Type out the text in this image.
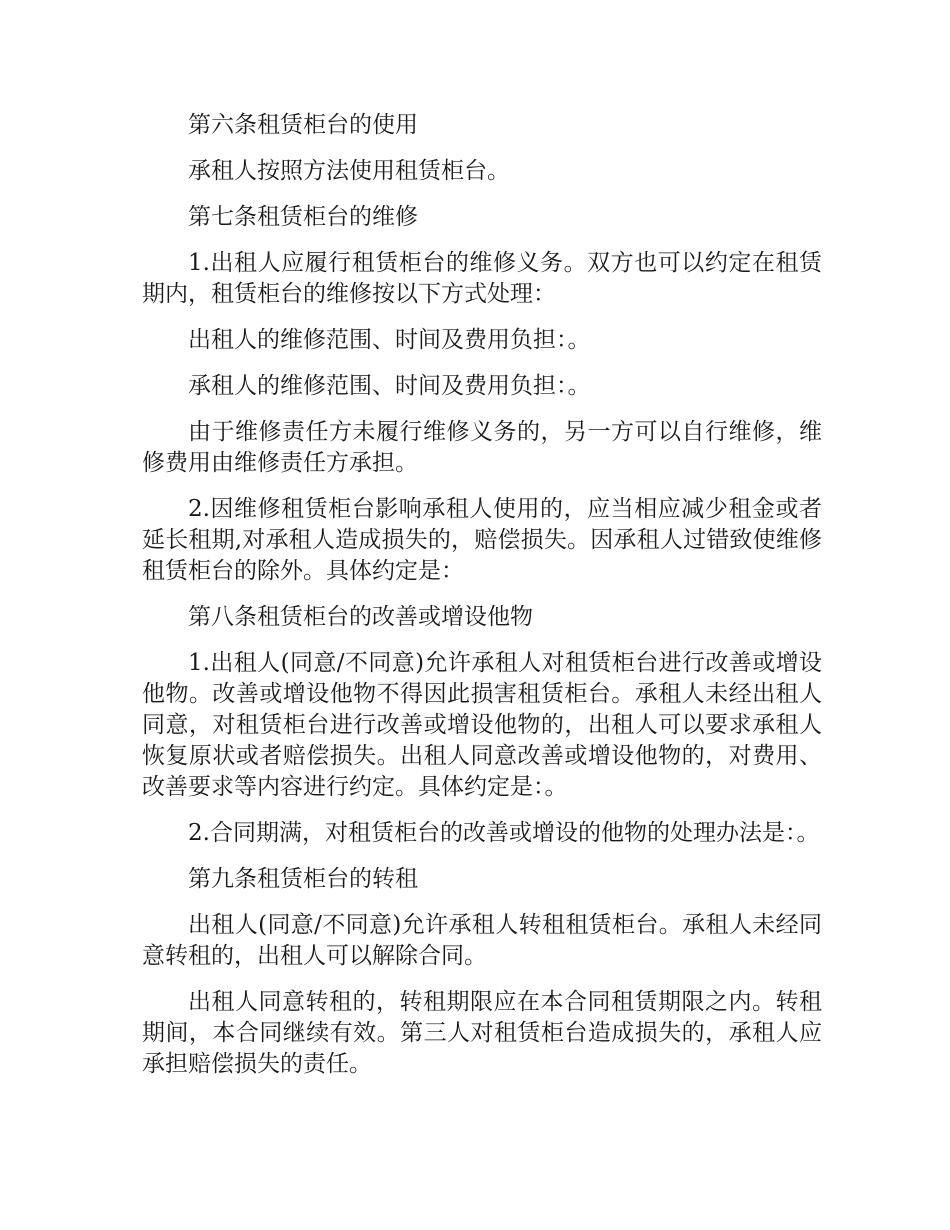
第六条租赁柜台的使用

承租人按照方法使用租赁柜台。

第七条租赁柜台的维修

1.出租人应履行租赁柜台的维修义务。双方也可以约定在租赁期内，租赁柜台的维修按以下方式处理：

出租人的维修范围、时间及费用负担：。

承租人的维修范围、时间及费用负担：。

由于维修责任方未履行维修义务的，另一方可以自行维修，维修费用由维修责任方承担。

2.因维修租赁柜台影响承租人使用的，应当相应减少租金或者延长租期,对承租人造成损失的，赔偿损失。因承租人过错致使维修租赁柜台的除外。具体约定是：

第八条租赁柜台的改善或增设他物

1.出租人(同意/不同意)允许承租人对租赁柜台进行改善或增设他物。改善或增设他物不得因此损害租赁柜台。承租人未经出租人同意，对租赁柜台进行改善或增设他物的，出租人可以要求承租人恢复原状或者赔偿损失。出租人同意改善或增设他物的，对费用、改善要求等内容进行约定。具体约定是：。

2.合同期满，对租赁柜台的改善或增设的他物的处理办法是：。

第九条租赁柜台的转租

出租人(同意/不同意)允许承租人转租租赁柜台。承租人未经同意转租的，出租人可以解除合同。

出租人同意转租的，转租期限应在本合同租赁期限之内。转租期间，本合同继续有效。第三人对租赁柜台造成损失的，承租人应承担赔偿损失的责任。
